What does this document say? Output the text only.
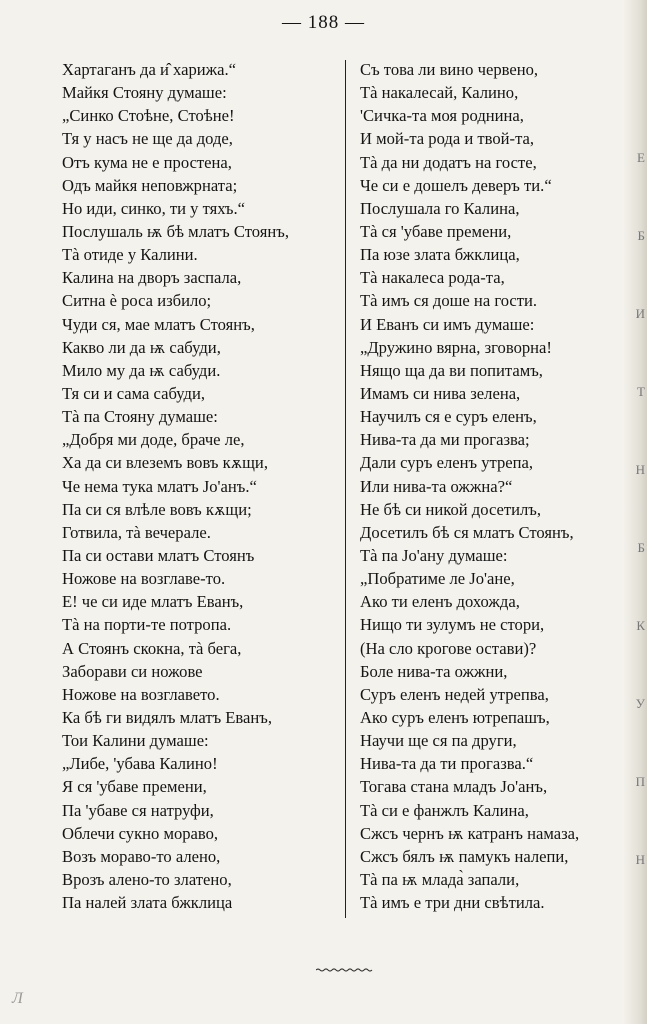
— 188 —
Хартаганъ да и̂ харижа.“
Майкя Стояну думаше:
„Синко Стоѣне, Стоѣне!
Тя у насъ не ще да доде,
Отъ кума не е простена,
Одъ майкя неповжрната;
Но иди, синко, ти у тяхъ.“
Послушаль ѭ бѣ млатъ Стоянъ,
Тà отиде у Калини.
Калина на дворъ заспала,
Ситна ѐ роса избило;
Чуди ся, мае млатъ Стоянъ,
Какво ли да ѭ сабуди,
Мило му да ѭ сабуди.
Тя си и сама сабуди,
Тà па Стояну думаше:
„Добря ми доде, браче ле,
Ха да си влеземъ вовъ кѫщи,
Че нема тука млатъ Јо'анъ.“
Па си ся влѣле вовъ кѫщи;
Готвила, тà вечерале.
Па си остави млатъ Стоянъ
Ножове на возглаве-то.
Е! че си иде млатъ Еванъ,
Тà на порти-те потропа.
А Стоянъ скокна, тà бега,
Заборави си ножове
Ножове на возглавето.
Ка бѣ ги видялъ млатъ Еванъ,
Тои Калини думаше:
„Либе, 'убава Калино!
Я ся 'убаве премени,
Па 'убаве ся натруфи,
Облечи сукно мораво,
Возъ мораво-то алено,
Врозъ алено-то златено,
Па налей злата бжклица
Съ това ли вино червено,
Тà накалесай, Калино,
'Сичка-та моя роднина,
И мой-та рода и твой-та,
Тà да ни додатъ на госте,
Че си е дошелъ деверъ ти.“
Послушала го Калина,
Тà ся 'убаве премени,
Па юзе злата бжклица,
Тà накалеса рода-та,
Тà имъ ся доше на гости.
И Еванъ си имъ думаше:
„Дружино вярна, зговорна!
Нящо ща да ви попитамъ,
Имамъ си нива зелена,
Научилъ ся е суръ еленъ,
Нива-та да ми прогазва;
Дали суръ еленъ утрепа,
Или нива-та ожжна?“
Не бѣ си никой досетилъ,
Досетилъ бѣ ся млатъ Стоянъ,
Тà па Јо'ану думаше:
„Побратиме ле Јо'ане,
Ако ти еленъ дохожда,
Нищо ти зулумъ не стори,
(На сло крогове остави)?
Боле нива-та ожжни,
Суръ еленъ недей утрепва,
Ако суръ еленъ ютрепашъ,
Научи ще ся па други,
Нива-та да ти прогазва.“
Тогава стана младъ Јо'анъ,
Тà си е фанжлъ Калина,
Сжсъ чернъ ѭ катранъ намаза,
Сжсъ бялъ ѭ памукъ налепи,
Тà па ѭ млада̀ запали,
Тà имъ е три дни свѣтила.
Е
Б
И
Т
Н
Б
К
У
П
Н
Л
